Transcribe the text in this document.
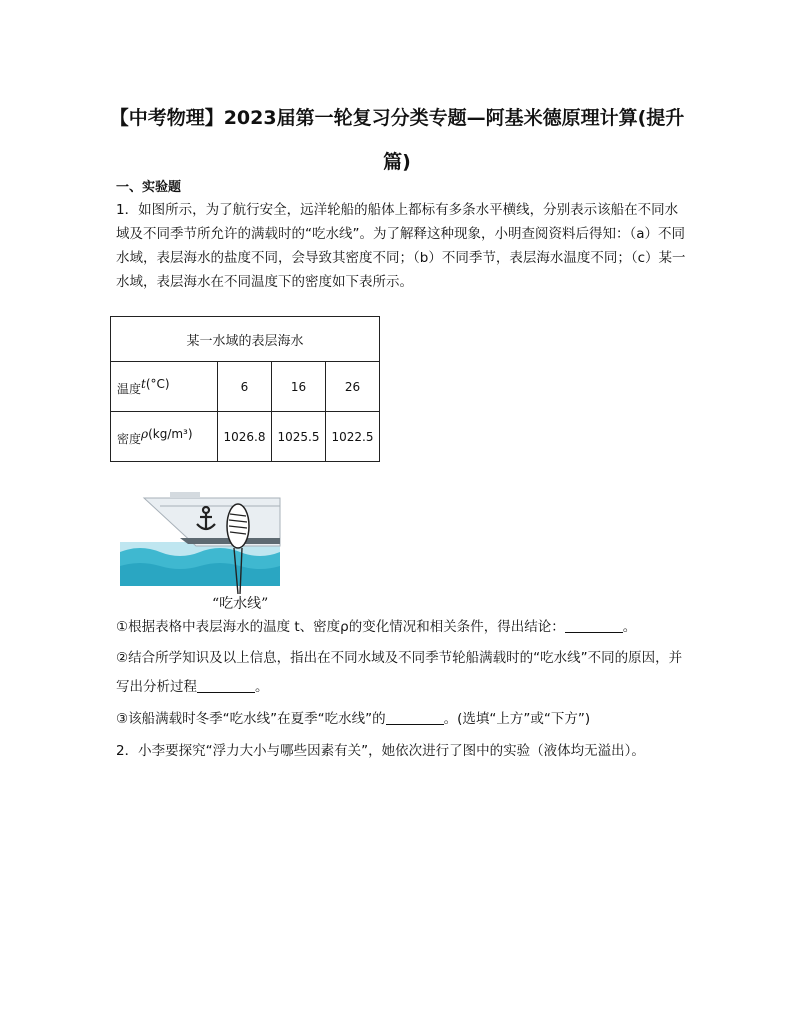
【中考物理】2023届第一轮复习分类专题—阿基米德原理计算(提升篇)
一、实验题
1．如图所示，为了航行安全，远洋轮船的船体上都标有多条水平横线，分别表示该船在不同水域及不同季节所允许的满载时的“吃水线”。为了解释这种现象，小明查阅资料后得知：（a）不同水域，表层海水的盐度不同，会导致其密度不同；（b）不同季节，表层海水温度不同；（c）某一水域，表层海水在不同温度下的密度如下表所示。
某一水域的表层海水			
温度t(°C)	6	16	26
密度ρ(kg/m³)	1026.8	1025.5	1022.5
“吃水线”
①根据表格中表层海水的温度 t、密度ρ的变化情况和相关条件，得出结论：	。
②结合所学知识及以上信息，指出在不同水域及不同季节轮船满载时的“吃水线”不同的原因，并写出分析过程	。
③该船满载时冬季“吃水线”在夏季“吃水线”的	。(选填“上方”或“下方”)
2．小李要探究“浮力大小与哪些因素有关”，她依次进行了图中的实验（液体均无溢出）。
